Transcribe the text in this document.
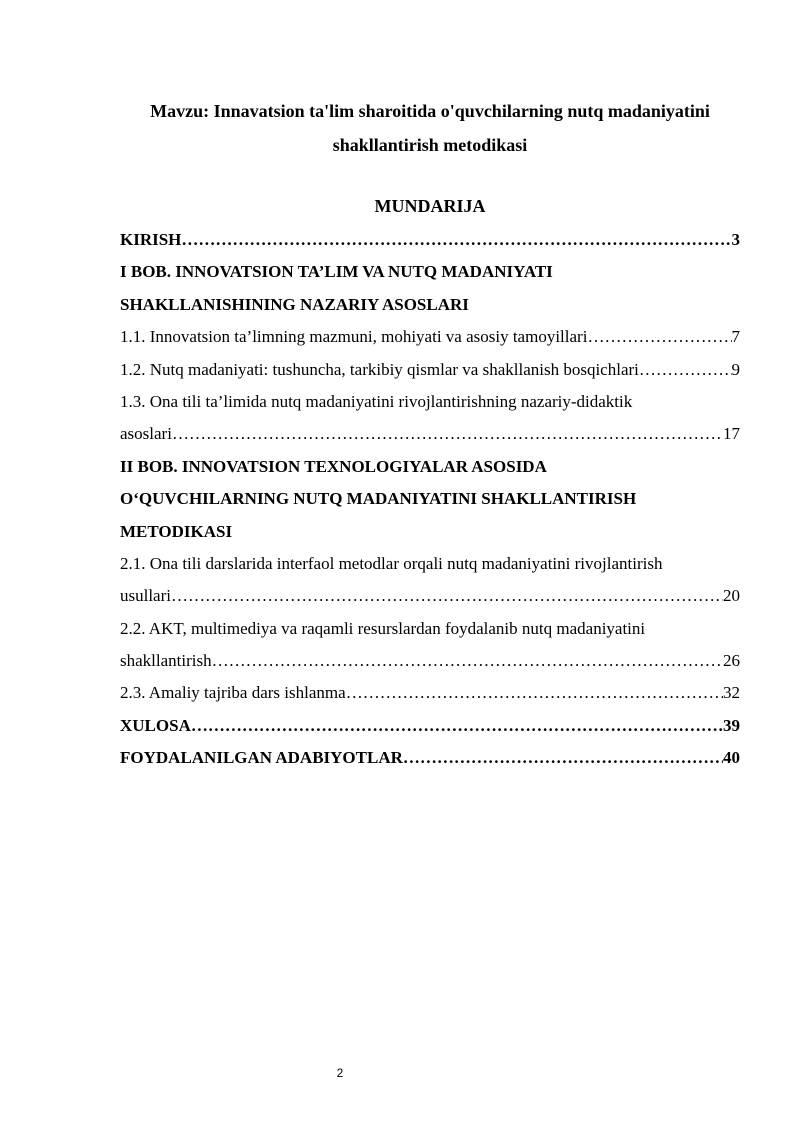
Mavzu: Innavatsion ta'lim sharoitida o'quvchilarning nutq madaniyatini shakllantirish metodikasi
MUNDARIJA
KIRISH …………………………………………………………………………………………………………………………………………………………	3
I BOB. INNOVATSION TA’LIM VA NUTQ MADANIYATI
SHAKLLANISHINING NAZARIY ASOSLARI
1.1. Innovatsion ta’limning mazmuni, mohiyati va asosiy tamoyillari …………………………………………………………………………………………………………………………………………………………	7
1.2. Nutq madaniyati: tushuncha, tarkibiy qismlar va shakllanish bosqichlari …………………………………………………………………………………………………………………………………………………………	9
1.3. Ona tili ta’limida nutq madaniyatini rivojlantirishning nazariy-didaktik
asoslari …………………………………………………………………………………………………………………………………………………………	17
II BOB. INNOVATSION TEXNOLOGIYALAR ASOSIDA
O‘QUVCHILARNING NUTQ MADANIYATINI SHAKLLANTIRISH
METODIKASI
2.1. Ona tili darslarida interfaol metodlar orqali nutq madaniyatini rivojlantirish
usullari …………………………………………………………………………………………………………………………………………………………	20
2.2. AKT, multimediya va raqamli resurslardan foydalanib nutq madaniyatini
shakllantirish …………………………………………………………………………………………………………………………………………………………	26
2.3. Amaliy tajriba dars ishlanma …………………………………………………………………………………………………………………………………………………………	32
XULOSA …………………………………………………………………………………………………………………………………………………………	39
FOYDALANILGAN ADABIYOTLAR …………………………………………………………………………………………………………………………………………………………	40
2
